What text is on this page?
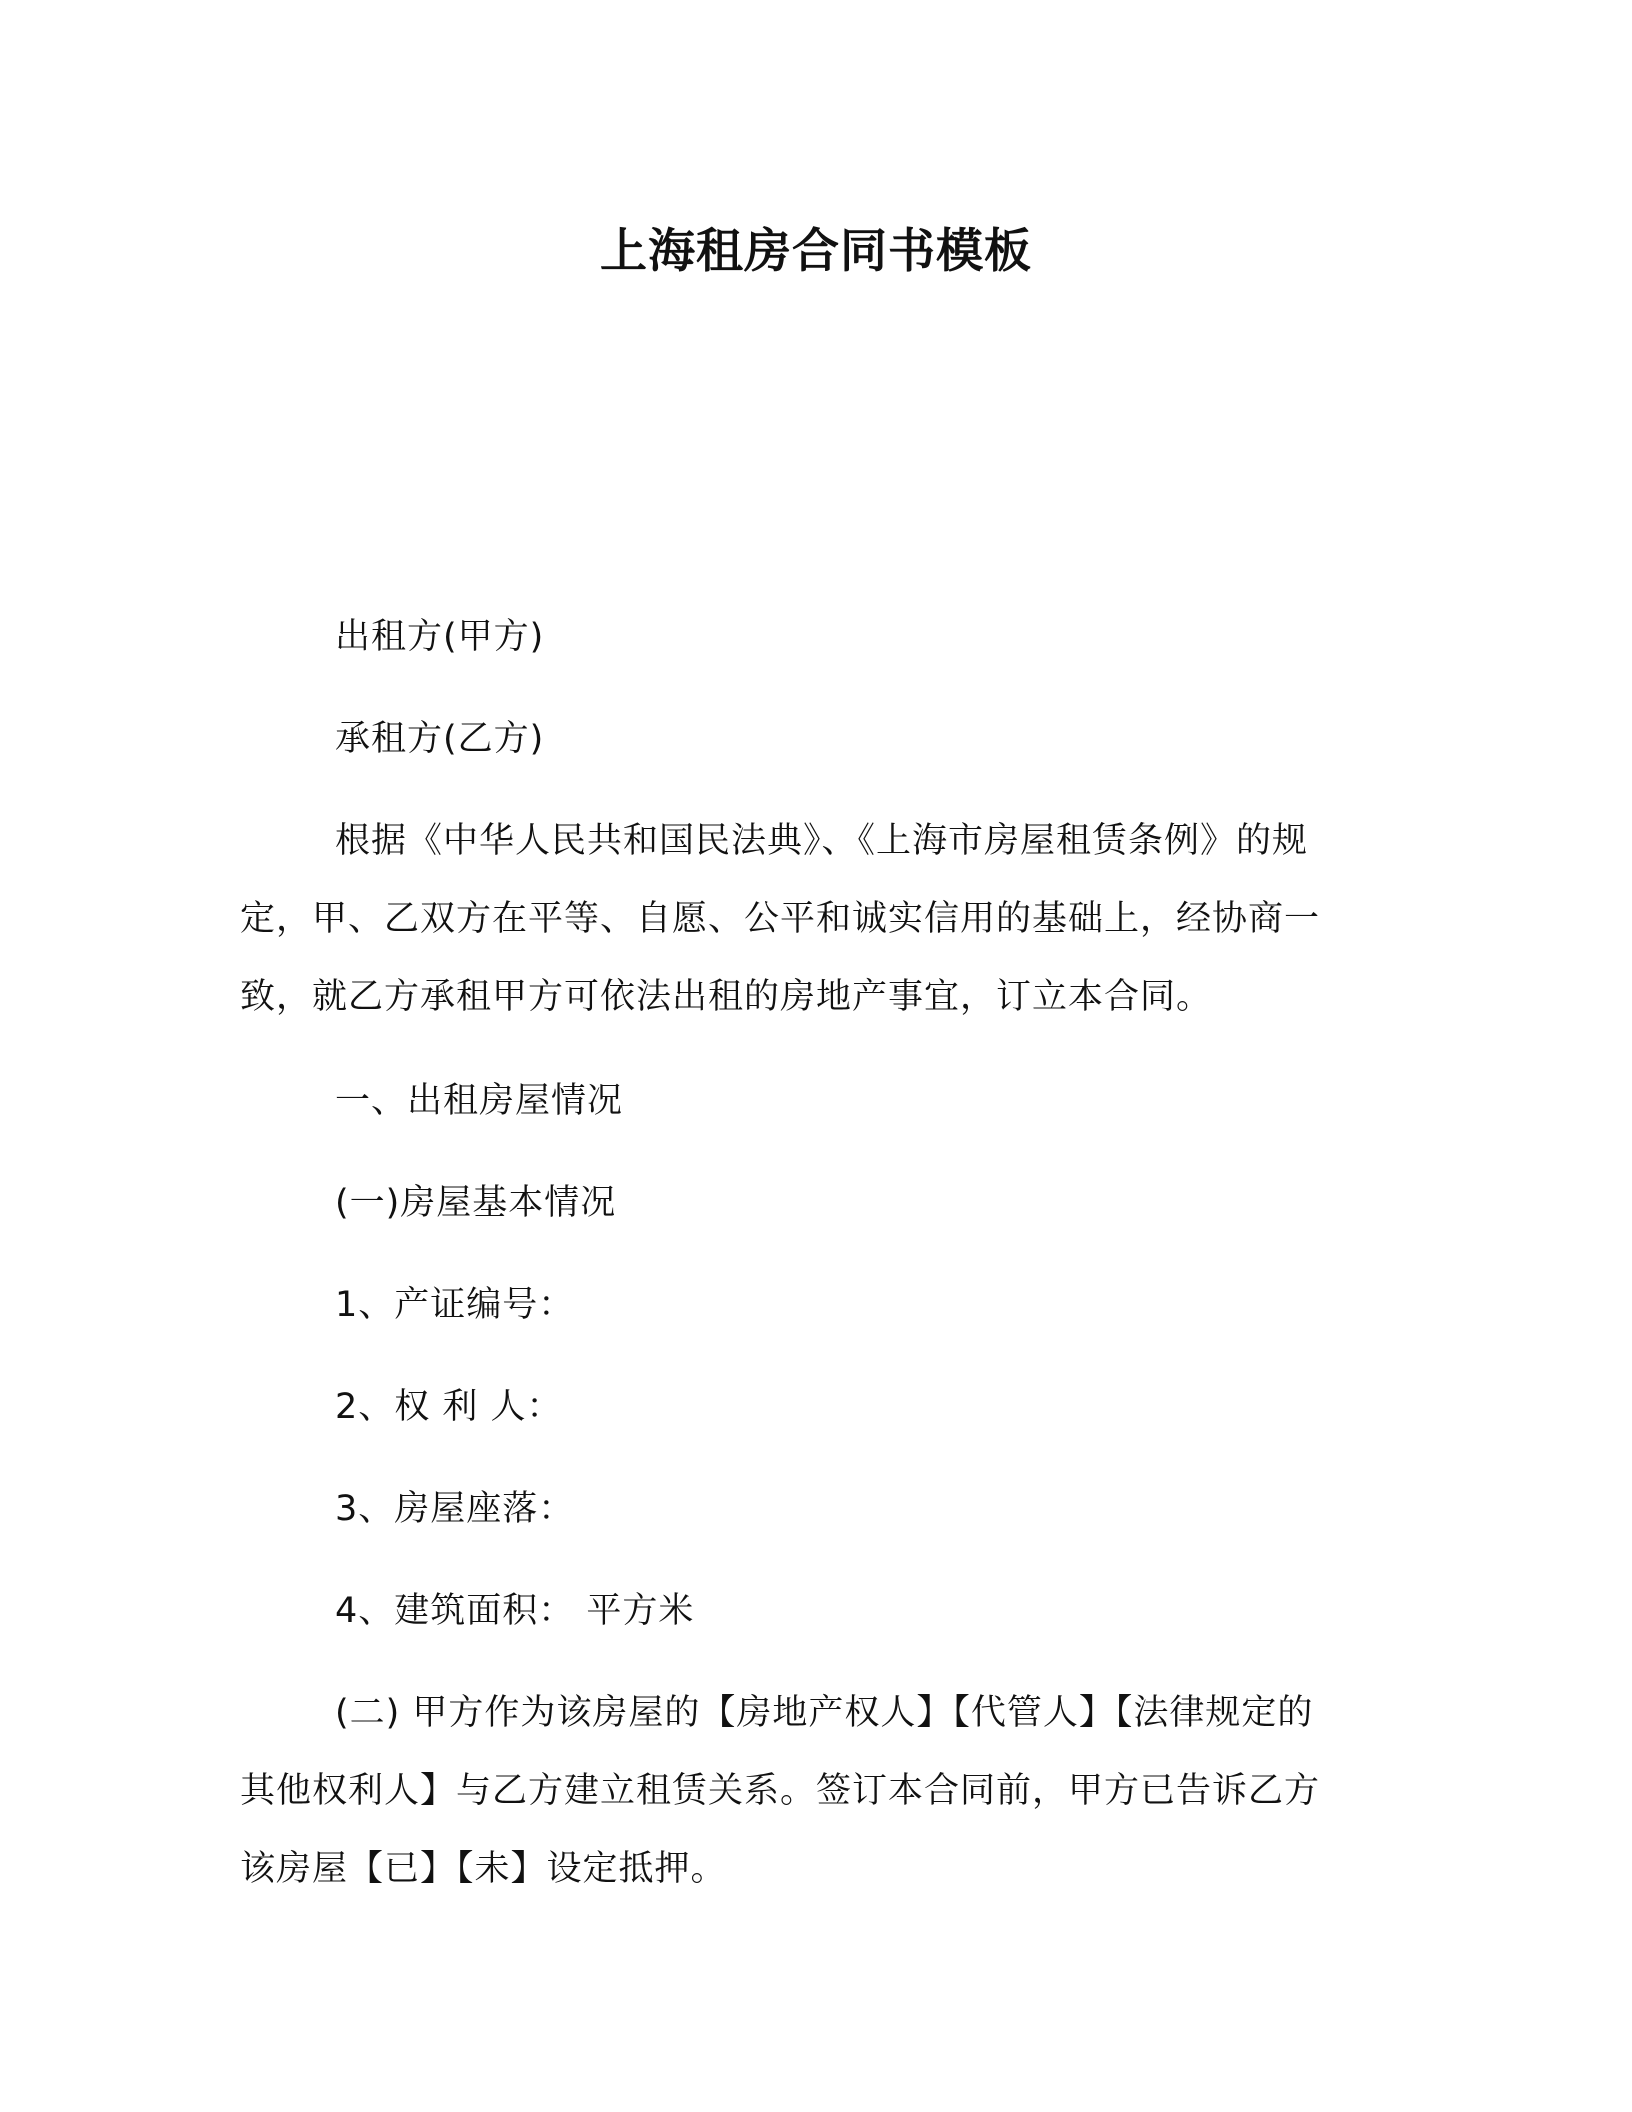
上海租房合同书模板

出租方(甲方)

承租方(乙方)

根据《中华人民共和国民法典》、《上海市房屋租赁条例》的规

定，甲、乙双方在平等、自愿、公平和诚实信用的基础上，经协商一

致，就乙方承租甲方可依法出租的房地产事宜，订立本合同。

一、出租房屋情况

(一)房屋基本情况

1、产证编号：

2、权 利 人：

3、房屋座落：

4、建筑面积： 平方米

(二) 甲方作为该房屋的【房地产权人】【代管人】【法律规定的

其他权利人】与乙方建立租赁关系。签订本合同前，甲方已告诉乙方

该房屋【已】【未】设定抵押。
